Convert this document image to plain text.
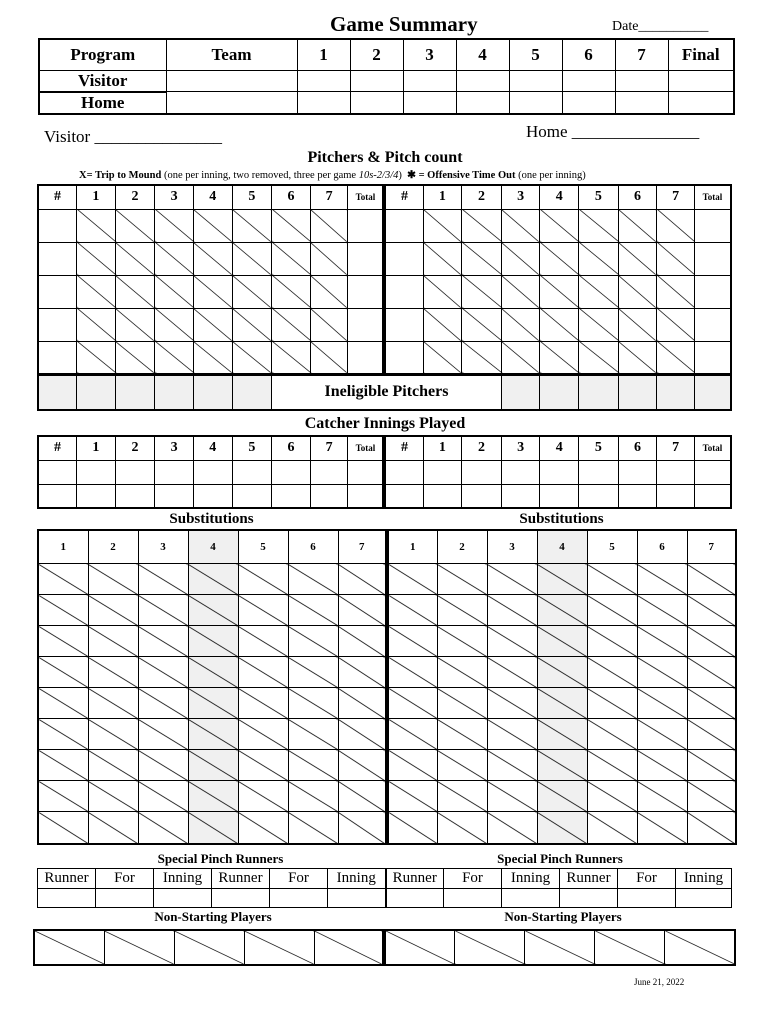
Game Summary	Date__________
Program	Team	1	2	3	4	5	6	7	Final
Visitor									
Home									
Visitor _______________	Home _______________
Pitchers & Pitch count
X= Trip to Mound (one per inning, two removed, three per game 10s-2/3/4) ✱ = Offensive Time Out (one per inning)
#	1	2	3	4	5	6	7	Total	#	1	2	3	4	5	6	7	Total

						Ineligible Pitchers											
Catcher Innings Played
#	1	2	3	4	5	6	7	Total	#	1	2	3	4	5	6	7	Total

Substitutions	Substitutions
1	2	3	4	5	6	7	1	2	3	4	5	6	7

Special Pinch Runners	Special Pinch Runners
Runner	For	Inning	Runner	For	Inning	Runner	For	Inning	Runner	For	Inning

Non-Starting Players	Non-Starting Players

June 21, 2022
